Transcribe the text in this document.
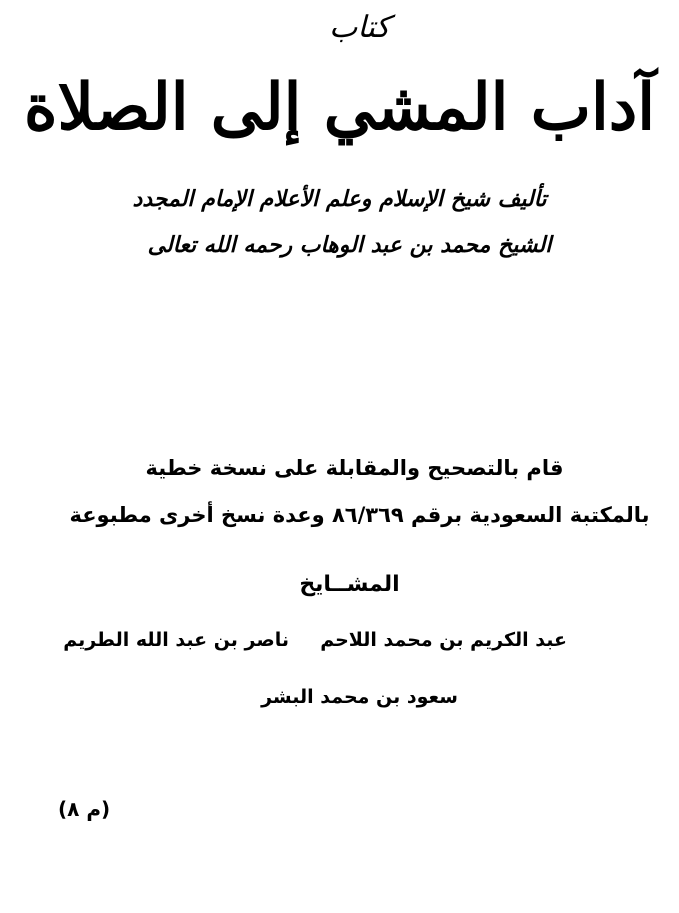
كتاب
آداب المشي إلى الصلاة
تأليف شيخ الإسلام وعلم الأعلام الإمام المجدد
الشيخ محمد بن عبد الوهاب رحمه الله تعالى
قام بالتصحيح والمقابلة على نسخة خطية
بالمكتبة السعودية برقم ٨٦/٣٦٩ وعدة نسخ أخرى مطبوعة
المشــايخ
عبد الكريم بن محمد اللاحم
ناصر بن عبد الله الطريم
سعود بن محمد البشر
(م ٨)
